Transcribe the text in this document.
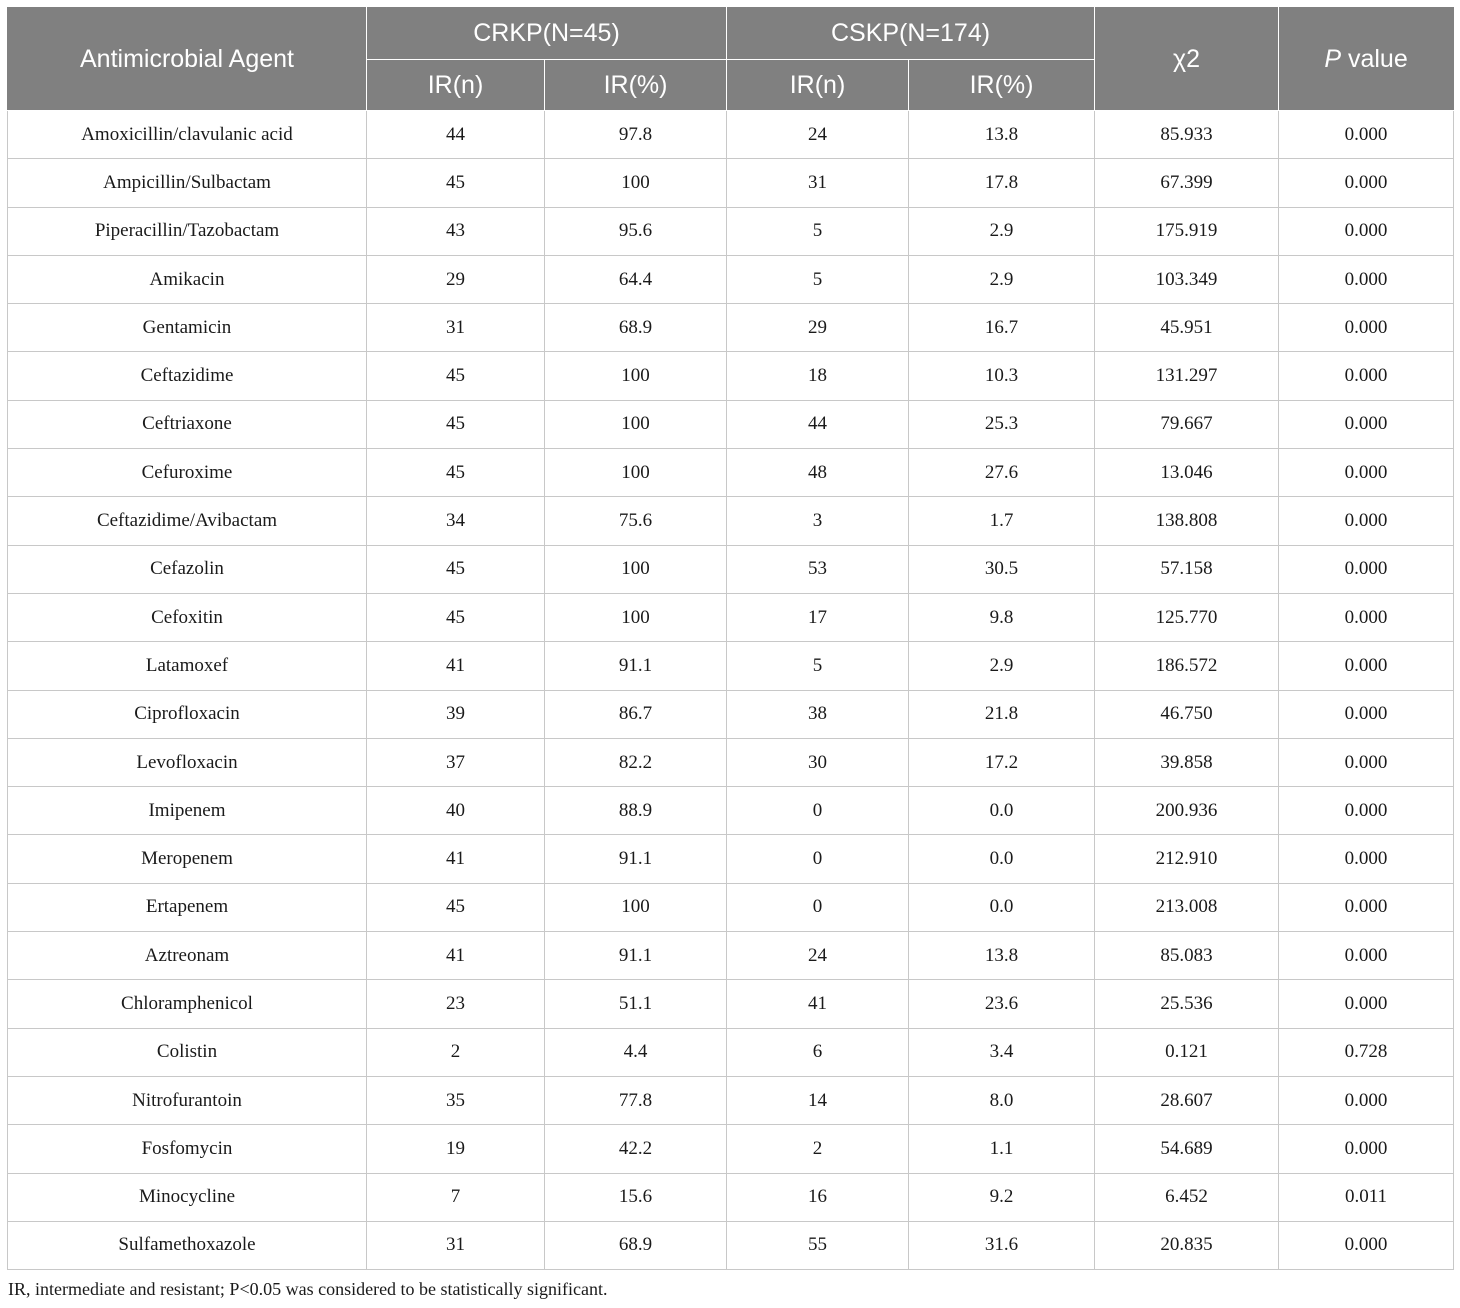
Antimicrobial Agent	CRKP(N=45)		CSKP(N=174)		χ2	P value
	IR(n)	IR(%)	IR(n)	IR(%)		
Amoxicillin/clavulanic acid	44	97.8	24	13.8	85.933	0.000
Ampicillin/Sulbactam	45	100	31	17.8	67.399	0.000
Piperacillin/Tazobactam	43	95.6	5	2.9	175.919	0.000
Amikacin	29	64.4	5	2.9	103.349	0.000
Gentamicin	31	68.9	29	16.7	45.951	0.000
Ceftazidime	45	100	18	10.3	131.297	0.000
Ceftriaxone	45	100	44	25.3	79.667	0.000
Cefuroxime	45	100	48	27.6	13.046	0.000
Ceftazidime/Avibactam	34	75.6	3	1.7	138.808	0.000
Cefazolin	45	100	53	30.5	57.158	0.000
Cefoxitin	45	100	17	9.8	125.770	0.000
Latamoxef	41	91.1	5	2.9	186.572	0.000
Ciprofloxacin	39	86.7	38	21.8	46.750	0.000
Levofloxacin	37	82.2	30	17.2	39.858	0.000
Imipenem	40	88.9	0	0.0	200.936	0.000
Meropenem	41	91.1	0	0.0	212.910	0.000
Ertapenem	45	100	0	0.0	213.008	0.000
Aztreonam	41	91.1	24	13.8	85.083	0.000
Chloramphenicol	23	51.1	41	23.6	25.536	0.000
Colistin	2	4.4	6	3.4	0.121	0.728
Nitrofurantoin	35	77.8	14	8.0	28.607	0.000
Fosfomycin	19	42.2	2	1.1	54.689	0.000
Minocycline	7	15.6	16	9.2	6.452	0.011
Sulfamethoxazole	31	68.9	55	31.6	20.835	0.000
IR, intermediate and resistant; P<0.05 was considered to be statistically significant.
